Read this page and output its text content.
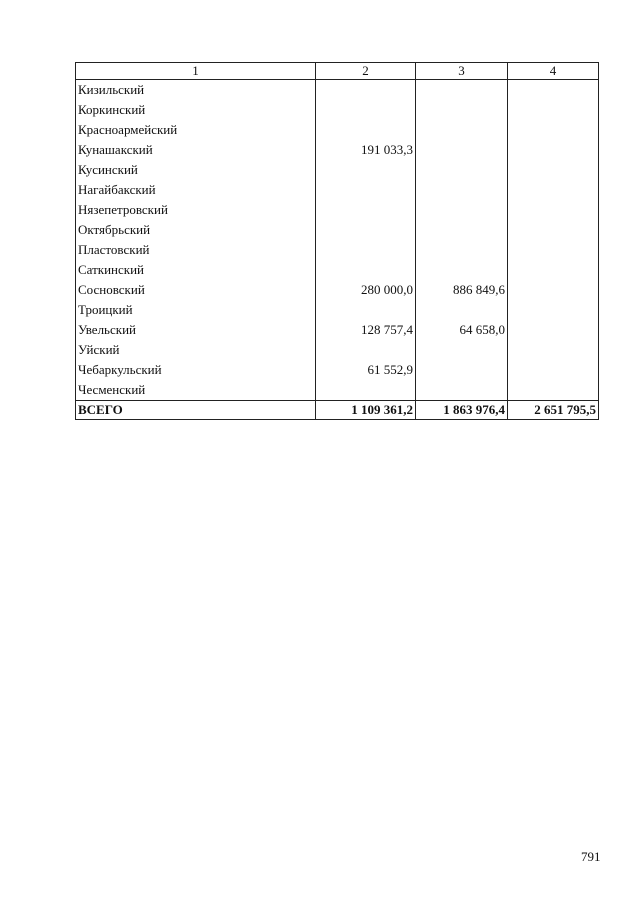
1	2	3	4
Кизильский			
Коркинский			
Красноармейский			
Кунашакский	191 033,3		
Кусинский			
Нагайбакский			
Нязепетровский			
Октябрьский			
Пластовский			
Саткинский			
Сосновский	280 000,0	886 849,6	
Троицкий			
Увельский	128 757,4	64 658,0	
Уйский			
Чебаркульский	61 552,9		
Чесменский			
ВСЕГО	1 109 361,2	1 863 976,4	2 651 795,5
791
